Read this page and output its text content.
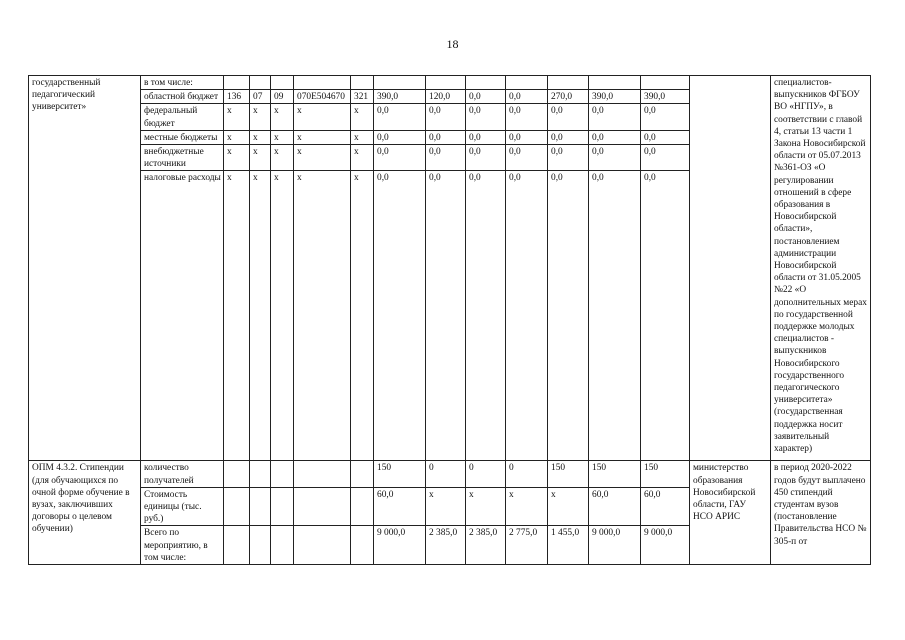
18
государственный педагогический университет»	в том числе:														специалистов-выпускников ФГБОУ ВО «НГПУ», в соответствии с главой 4, статьи 13 части 1 Закона Новосибирской области от 05.07.2013 №361-ОЗ «О регулировании отношений в сфере образования в Новосибирской области», постановлением администрации Новосибирской области от 31.05.2005 №22 «О дополнительных мерах по государственной поддержке молодых специалистов - выпускников Новосибирского государственного педагогического университета» (государственная поддержка носит заявительный характер)
	областной бюджет	136	07	09	070Е504670	321	390,0	120,0	0,0	0,0	270,0	390,0	390,0		
	федеральный бюджет	х	х	х	х	х	0,0	0,0	0,0	0,0	0,0	0,0	0,0		
	местные бюджеты	х	х	х	х	х	0,0	0,0	0,0	0,0	0,0	0,0	0,0		
	внебюджетные источники	х	х	х	х	х	0,0	0,0	0,0	0,0	0,0	0,0	0,0		
	налоговые расходы	х	х	х	х	х	0,0	0,0	0,0	0,0	0,0	0,0	0,0		
ОПМ 4.3.2. Стипендии (для обучающихся по очной форме обучение в вузах, заключивших договоры о целевом обучении)	количество получателей						150	0	0	0	150	150	150	министерство образования Новосибирской области, ГАУ НСО АРИС	в период 2020-2022 годов будут выплачено 450 стипендий студентам вузов (постановление Правительства НСО № 305-п от
	Стоимость единицы (тыс. руб.)						60,0	х	х	х	х	60,0	60,0		
	Всего по мероприятию, в том числе:						9 000,0	2 385,0	2 385,0	2 775,0	1 455,0	9 000,0	9 000,0		
